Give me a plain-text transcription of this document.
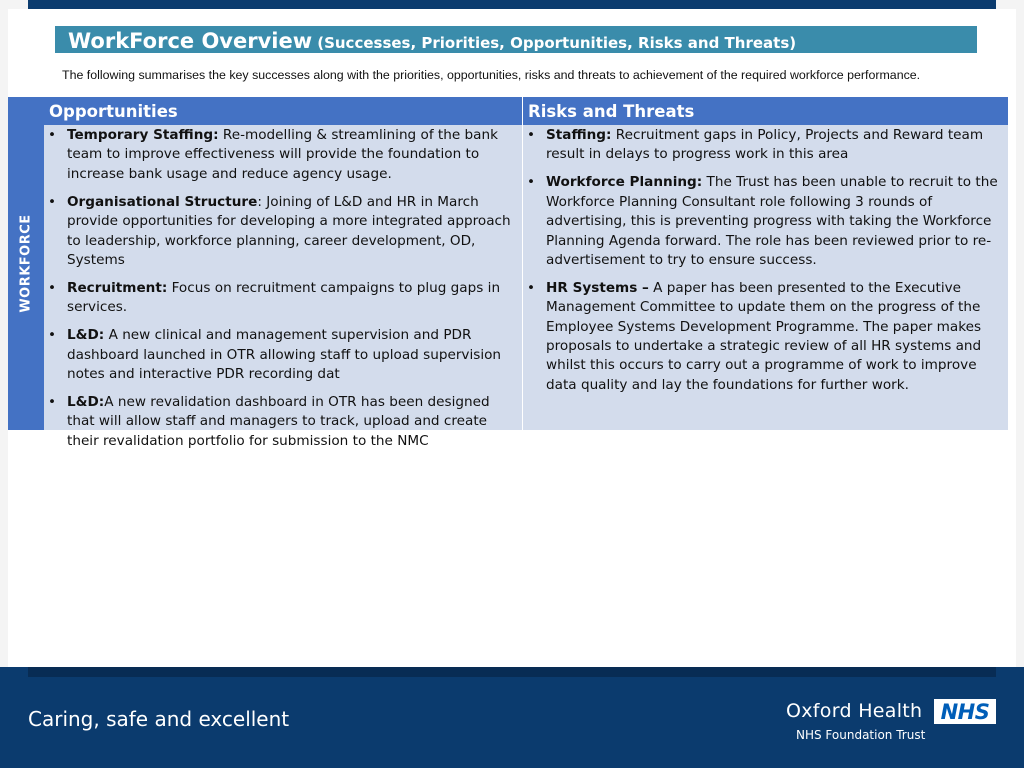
WorkForce Overview (Successes, Priorities, Opportunities, Risks and Threats)
The following summarises the key successes along with the priorities, opportunities, risks and threats to achievement of the required workforce performance.
WORKFORCE
Opportunities
• Temporary Staffing: Re-modelling & streamlining of the bank team to improve effectiveness will provide the foundation to increase bank usage and reduce agency usage.
• Organisational Structure: Joining of L&D and HR in March provide opportunities for developing a more integrated approach to leadership, workforce planning, career development, OD, Systems
• Recruitment: Focus on recruitment campaigns to plug gaps in services.
• L&D: A new clinical and management supervision and PDR dashboard launched in OTR allowing staff to upload supervision notes and interactive PDR recording dat
• L&D:A new revalidation dashboard in OTR has been designed that will allow staff and managers to track, upload and create their revalidation portfolio for submission to the NMC
Risks and Threats
• Staffing: Recruitment gaps in Policy, Projects and Reward team result in delays to progress work in this area
• Workforce Planning: The Trust has been unable to recruit to the Workforce Planning Consultant role following 3 rounds of advertising, this is preventing progress with taking the Workforce Planning Agenda forward. The role has been reviewed prior to re-advertisement to try to ensure success.
• HR Systems – A paper has been presented to the Executive Management Committee to update them on the progress of the Employee Systems Development Programme. The paper makes proposals to undertake a strategic review of all HR systems and whilst this occurs to carry out a programme of work to improve data quality and lay the foundations for further work.
Caring, safe and excellent	Oxford Health
NHS Foundation Trust
NHS
